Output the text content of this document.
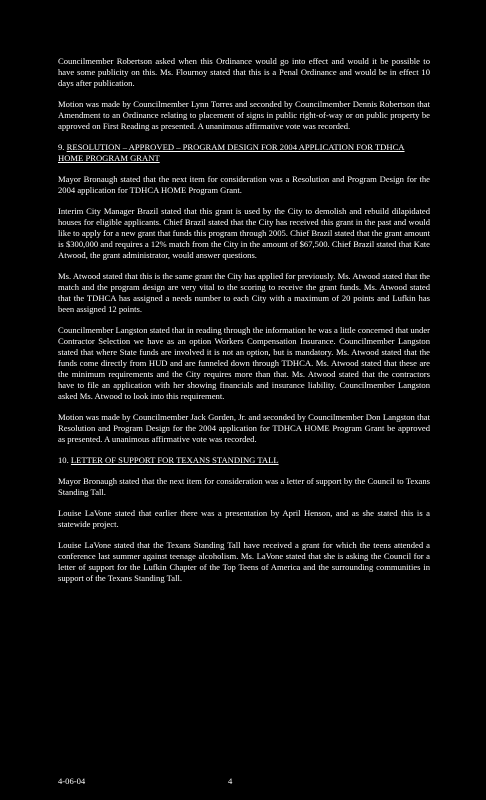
Councilmember Robertson asked when this Ordinance would go into effect and would it be possible to have some publicity on this. Ms. Flournoy stated that this is a Penal Ordinance and would be in effect 10 days after publication.

Motion was made by Councilmember Lynn Torres and seconded by Councilmember Dennis Robertson that Amendment to an Ordinance relating to placement of signs in public right-of-way or on public property be approved on First Reading as presented. A unanimous affirmative vote was recorded.

9. RESOLUTION – APPROVED – PROGRAM DESIGN FOR 2004 APPLICATION FOR TDHCA HOME PROGRAM GRANT

Mayor Bronaugh stated that the next item for consideration was a Resolution and Program Design for the 2004 application for TDHCA HOME Program Grant.

Interim City Manager Brazil stated that this grant is used by the City to demolish and rebuild dilapidated houses for eligible applicants. Chief Brazil stated that the City has received this grant in the past and would like to apply for a new grant that funds this program through 2005. Chief Brazil stated that the grant amount is $300,000 and requires a 12% match from the City in the amount of $67,500. Chief Brazil stated that Kate Atwood, the grant administrator, would answer questions.

Ms. Atwood stated that this is the same grant the City has applied for previously. Ms. Atwood stated that the match and the program design are very vital to the scoring to receive the grant funds. Ms. Atwood stated that the TDHCA has assigned a needs number to each City with a maximum of 20 points and Lufkin has been assigned 12 points.

Councilmember Langston stated that in reading through the information he was a little concerned that under Contractor Selection we have as an option Workers Compensation Insurance. Councilmember Langston stated that where State funds are involved it is not an option, but is mandatory. Ms. Atwood stated that the funds come directly from HUD and are funneled down through TDHCA. Ms. Atwood stated that these are the minimum requirements and the City requires more than that. Ms. Atwood stated that the contractors have to file an application with her showing financials and insurance liability. Councilmember Langston asked Ms. Atwood to look into this requirement.

Motion was made by Councilmember Jack Gorden, Jr. and seconded by Councilmember Don Langston that Resolution and Program Design for the 2004 application for TDHCA HOME Program Grant be approved as presented. A unanimous affirmative vote was recorded.

10. LETTER OF SUPPORT FOR TEXANS STANDING TALL

Mayor Bronaugh stated that the next item for consideration was a letter of support by the Council to Texans Standing Tall.

Louise LaVone stated that earlier there was a presentation by April Henson, and as she stated this is a statewide project.

Louise LaVone stated that the Texans Standing Tall have received a grant for which the teens attended a conference last summer against teenage alcoholism. Ms. LaVone stated that she is asking the Council for a letter of support for the Lufkin Chapter of the Top Teens of America and the surrounding communities in support of the Texans Standing Tall.

4-06-04	4
